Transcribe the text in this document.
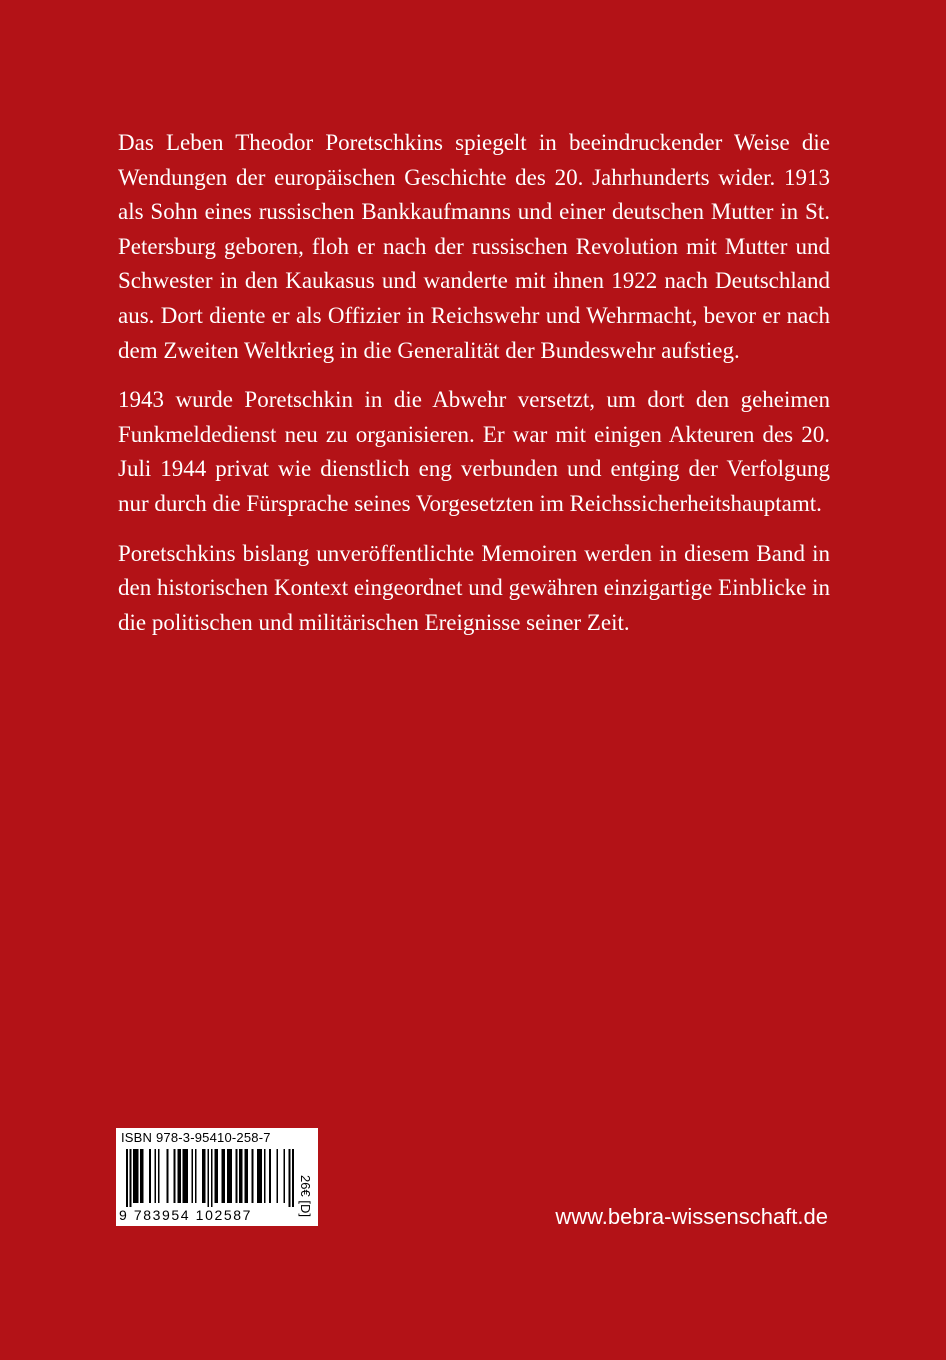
Das Leben Theodor Poretschkins spiegelt in beeindruckender Weise die Wendungen der europäischen Geschichte des 20. Jahrhunderts wider. 1913 als Sohn eines russischen Bankkaufmanns und einer deutschen Mutter in St. Petersburg geboren, floh er nach der russischen Revolution mit Mutter und Schwester in den Kaukasus und wanderte mit ihnen 1922 nach Deutschland aus. Dort diente er als Offizier in Reichswehr und Wehrmacht, bevor er nach dem Zweiten Weltkrieg in die Generalität der Bundeswehr aufstieg.

1943 wurde Poretschkin in die Abwehr versetzt, um dort den geheimen Funkmeldedienst neu zu organisieren. Er war mit einigen Akteuren des 20. Juli 1944 privat wie dienstlich eng verbunden und entging der Verfolgung nur durch die Fürsprache seines Vorgesetzten im Reichssicherheitshauptamt.

Poretschkins bislang unveröffentlichte Memoiren werden in diesem Band in den historischen Kontext eingeordnet und gewähren einzigartige Einblicke in die politischen und militärischen Ereignisse seiner Zeit.

ISBN 978-3-95410-258-7
9 783954 102587	26€ [D]	www.bebra-wissenschaft.de
